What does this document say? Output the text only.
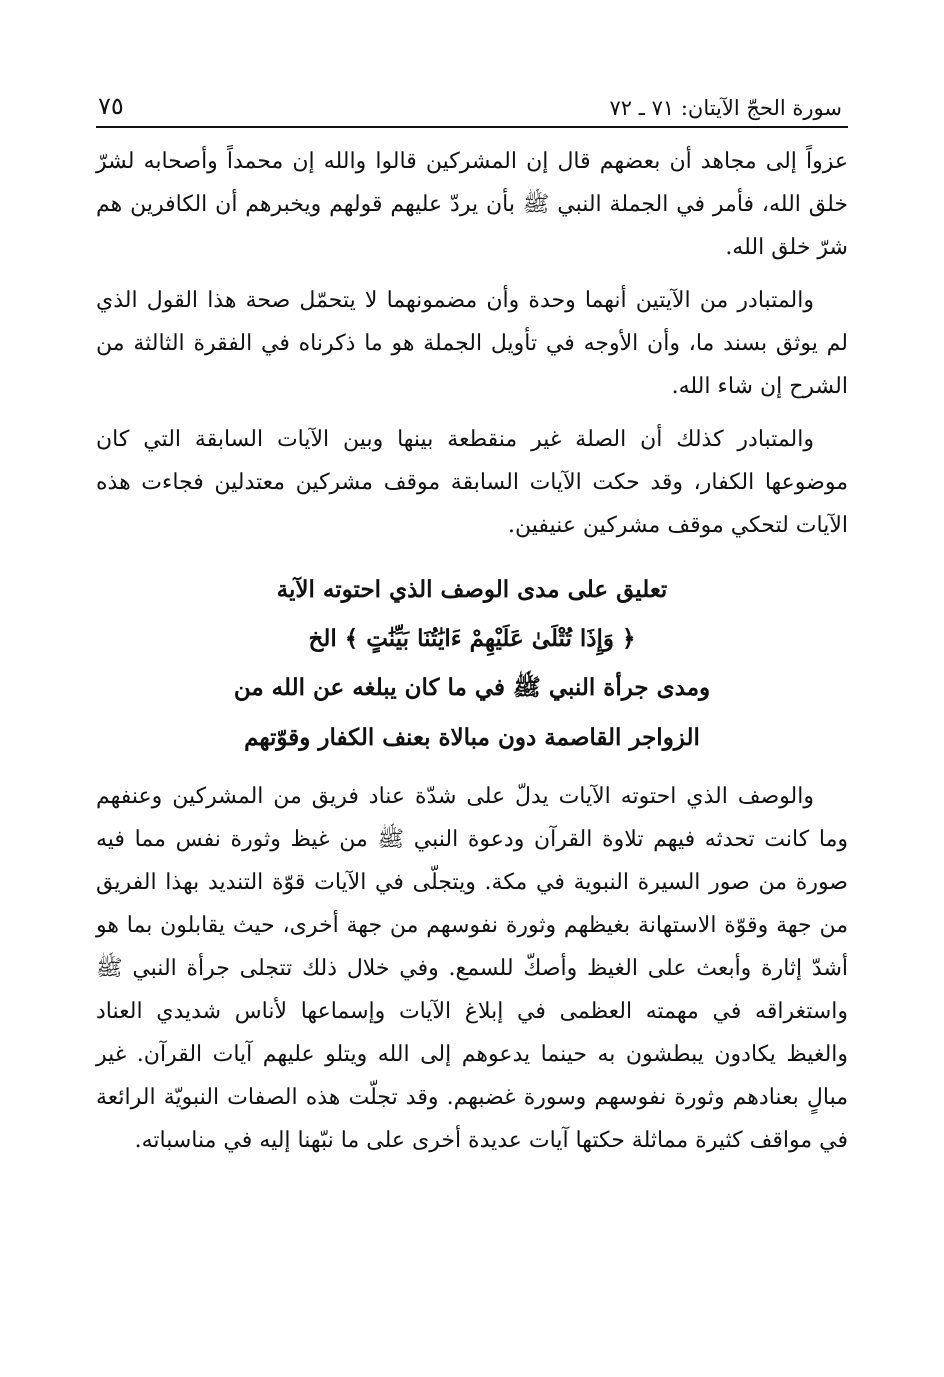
سورة الحجّ الآيتان: ٧١ ـ ٧٢
٧٥

عزواً إلى مجاهد أن بعضهم قال إن المشركين قالوا والله إن محمداً وأصحابه لشرّ خلق الله، فأمر في الجملة النبي ﷺ بأن يردّ عليهم قولهم ويخبرهم أن الكافرين هم شرّ خلق الله.

والمتبادر من الآيتين أنهما وحدة وأن مضمونهما لا يتحمّل صحة هذا القول الذي لم يوثق بسند ما، وأن الأوجه في تأويل الجملة هو ما ذكرناه في الفقرة الثالثة من الشرح إن شاء الله.

والمتبادر كذلك أن الصلة غير منقطعة بينها وبين الآيات السابقة التي كان موضوعها الكفار، وقد حكت الآيات السابقة موقف مشركين معتدلين فجاءت هذه الآيات لتحكي موقف مشركين عنيفين.

تعليق على مدى الوصف الذي احتوته الآية
﴿ وَإِذَا تُتْلَىٰ عَلَيْهِمْ ءَايَٰتُنَا بَيِّنَٰتٍ ﴾ الخ
ومدى جرأة النبي ﷺ في ما كان يبلغه عن الله من
الزواجر القاصمة دون مبالاة بعنف الكفار وقوّتهم

والوصف الذي احتوته الآيات يدلّ على شدّة عناد فريق من المشركين وعنفهم وما كانت تحدثه فيهم تلاوة القرآن ودعوة النبي ﷺ من غيظ وثورة نفس مما فيه صورة من صور السيرة النبوية في مكة. ويتجلّى في الآيات قوّة التنديد بهذا الفريق من جهة وقوّة الاستهانة بغيظهم وثورة نفوسهم من جهة أخرى، حيث يقابلون بما هو أشدّ إثارة وأبعث على الغيظ وأصكّ للسمع. وفي خلال ذلك تتجلى جرأة النبي ﷺ واستغراقه في مهمته العظمى في إبلاغ الآيات وإسماعها لأناس شديدي العناد والغيظ يكادون يبطشون به حينما يدعوهم إلى الله ويتلو عليهم آيات القرآن. غير مبالٍ بعنادهم وثورة نفوسهم وسورة غضبهم. وقد تجلّت هذه الصفات النبويّة الرائعة في مواقف كثيرة مماثلة حكتها آيات عديدة أخرى على ما نبّهنا إليه في مناسباته.
